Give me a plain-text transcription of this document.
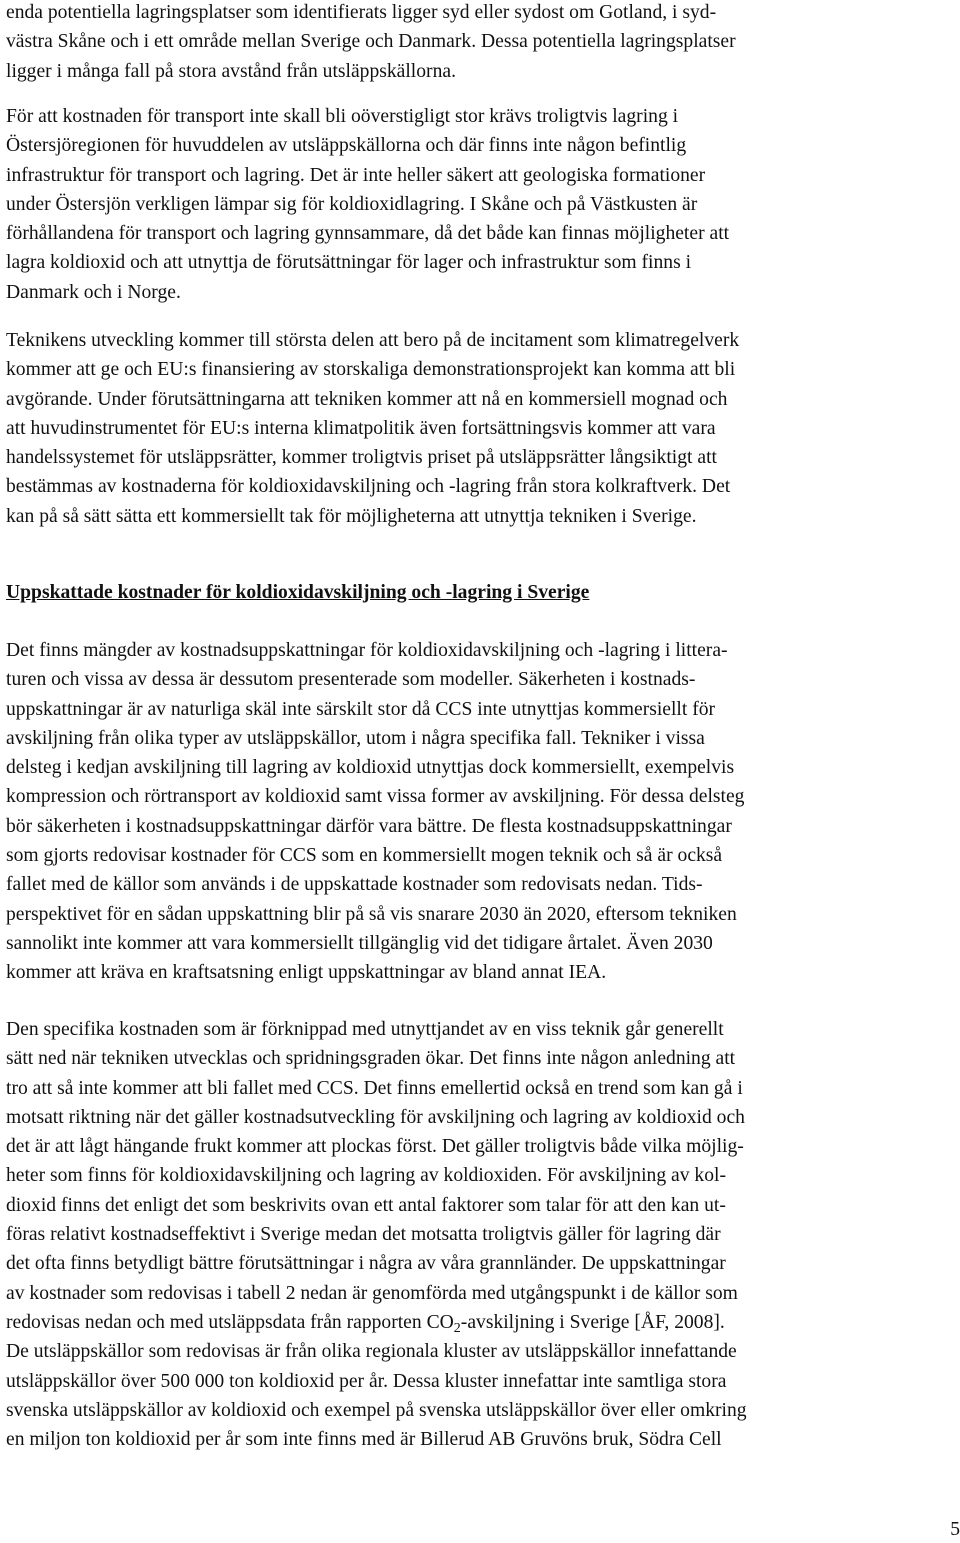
enda potentiella lagringsplatser som identifierats ligger syd eller sydost om Gotland, i syd-
västra Skåne och i ett område mellan Sverige och Danmark. Dessa potentiella lagringsplatser
ligger i många fall på stora avstånd från utsläppskällorna.

För att kostnaden för transport inte skall bli oöverstigligt stor krävs troligtvis lagring i
Östersjöregionen för huvuddelen av utsläppskällorna och där finns inte någon befintlig
infrastruktur för transport och lagring. Det är inte heller säkert att geologiska formationer
under Östersjön verkligen lämpar sig för koldioxidlagring. I Skåne och på Västkusten är
förhållandena för transport och lagring gynnsammare, då det både kan finnas möjligheter att
lagra koldioxid och att utnyttja de förutsättningar för lager och infrastruktur som finns i
Danmark och i Norge.

Teknikens utveckling kommer till största delen att bero på de incitament som klimatregelverk
kommer att ge och EU:s finansiering av storskaliga demonstrationsprojekt kan komma att bli
avgörande. Under förutsättningarna att tekniken kommer att nå en kommersiell mognad och
att huvudinstrumentet för EU:s interna klimatpolitik även fortsättningsvis kommer att vara
handelssystemet för utsläppsrätter, kommer troligtvis priset på utsläppsrätter långsiktigt att
bestämmas av kostnaderna för koldioxidavskiljning och -lagring från stora kolkraftverk. Det
kan på så sätt sätta ett kommersiellt tak för möjligheterna att utnyttja tekniken i Sverige.

Uppskattade kostnader för koldioxidavskiljning och -lagring i Sverige

Det finns mängder av kostnadsuppskattningar för koldioxidavskiljning och -lagring i littera-
turen och vissa av dessa är dessutom presenterade som modeller. Säkerheten i kostnads-
uppskattningar är av naturliga skäl inte särskilt stor då CCS inte utnyttjas kommersiellt för
avskiljning från olika typer av utsläppskällor, utom i några specifika fall. Tekniker i vissa
delsteg i kedjan avskiljning till lagring av koldioxid utnyttjas dock kommersiellt, exempelvis
kompression och rörtransport av koldioxid samt vissa former av avskiljning. För dessa delsteg
bör säkerheten i kostnadsuppskattningar därför vara bättre. De flesta kostnadsuppskattningar
som gjorts redovisar kostnader för CCS som en kommersiellt mogen teknik och så är också
fallet med de källor som används i de uppskattade kostnader som redovisats nedan. Tids-
perspektivet för en sådan uppskattning blir på så vis snarare 2030 än 2020, eftersom tekniken
sannolikt inte kommer att vara kommersiellt tillgänglig vid det tidigare årtalet. Även 2030
kommer att kräva en kraftsatsning enligt uppskattningar av bland annat IEA.

Den specifika kostnaden som är förknippad med utnyttjandet av en viss teknik går generellt
sätt ned när tekniken utvecklas och spridningsgraden ökar. Det finns inte någon anledning att
tro att så inte kommer att bli fallet med CCS. Det finns emellertid också en trend som kan gå i
motsatt riktning när det gäller kostnadsutveckling för avskiljning och lagring av koldioxid och
det är att lågt hängande frukt kommer att plockas först. Det gäller troligtvis både vilka möjlig-
heter som finns för koldioxidavskiljning och lagring av koldioxiden. För avskiljning av kol-
dioxid finns det enligt det som beskrivits ovan ett antal faktorer som talar för att den kan ut-
föras relativt kostnadseffektivt i Sverige medan det motsatta troligtvis gäller för lagring där
det ofta finns betydligt bättre förutsättningar i några av våra grannländer. De uppskattningar
av kostnader som redovisas i tabell 2 nedan är genomförda med utgångspunkt i de källor som
redovisas nedan och med utsläppsdata från rapporten $CO_2$-avskiljning i Sverige [ÅF, 2008].
De utsläppskällor som redovisas är från olika regionala kluster av utsläppskällor innefattande
utsläppskällor över 500 000 ton koldioxid per år. Dessa kluster innefattar inte samtliga stora
svenska utsläppskällor av koldioxid och exempel på svenska utsläppskällor över eller omkring
en miljon ton koldioxid per år som inte finns med är Billerud AB Gruvöns bruk, Södra Cell

5
